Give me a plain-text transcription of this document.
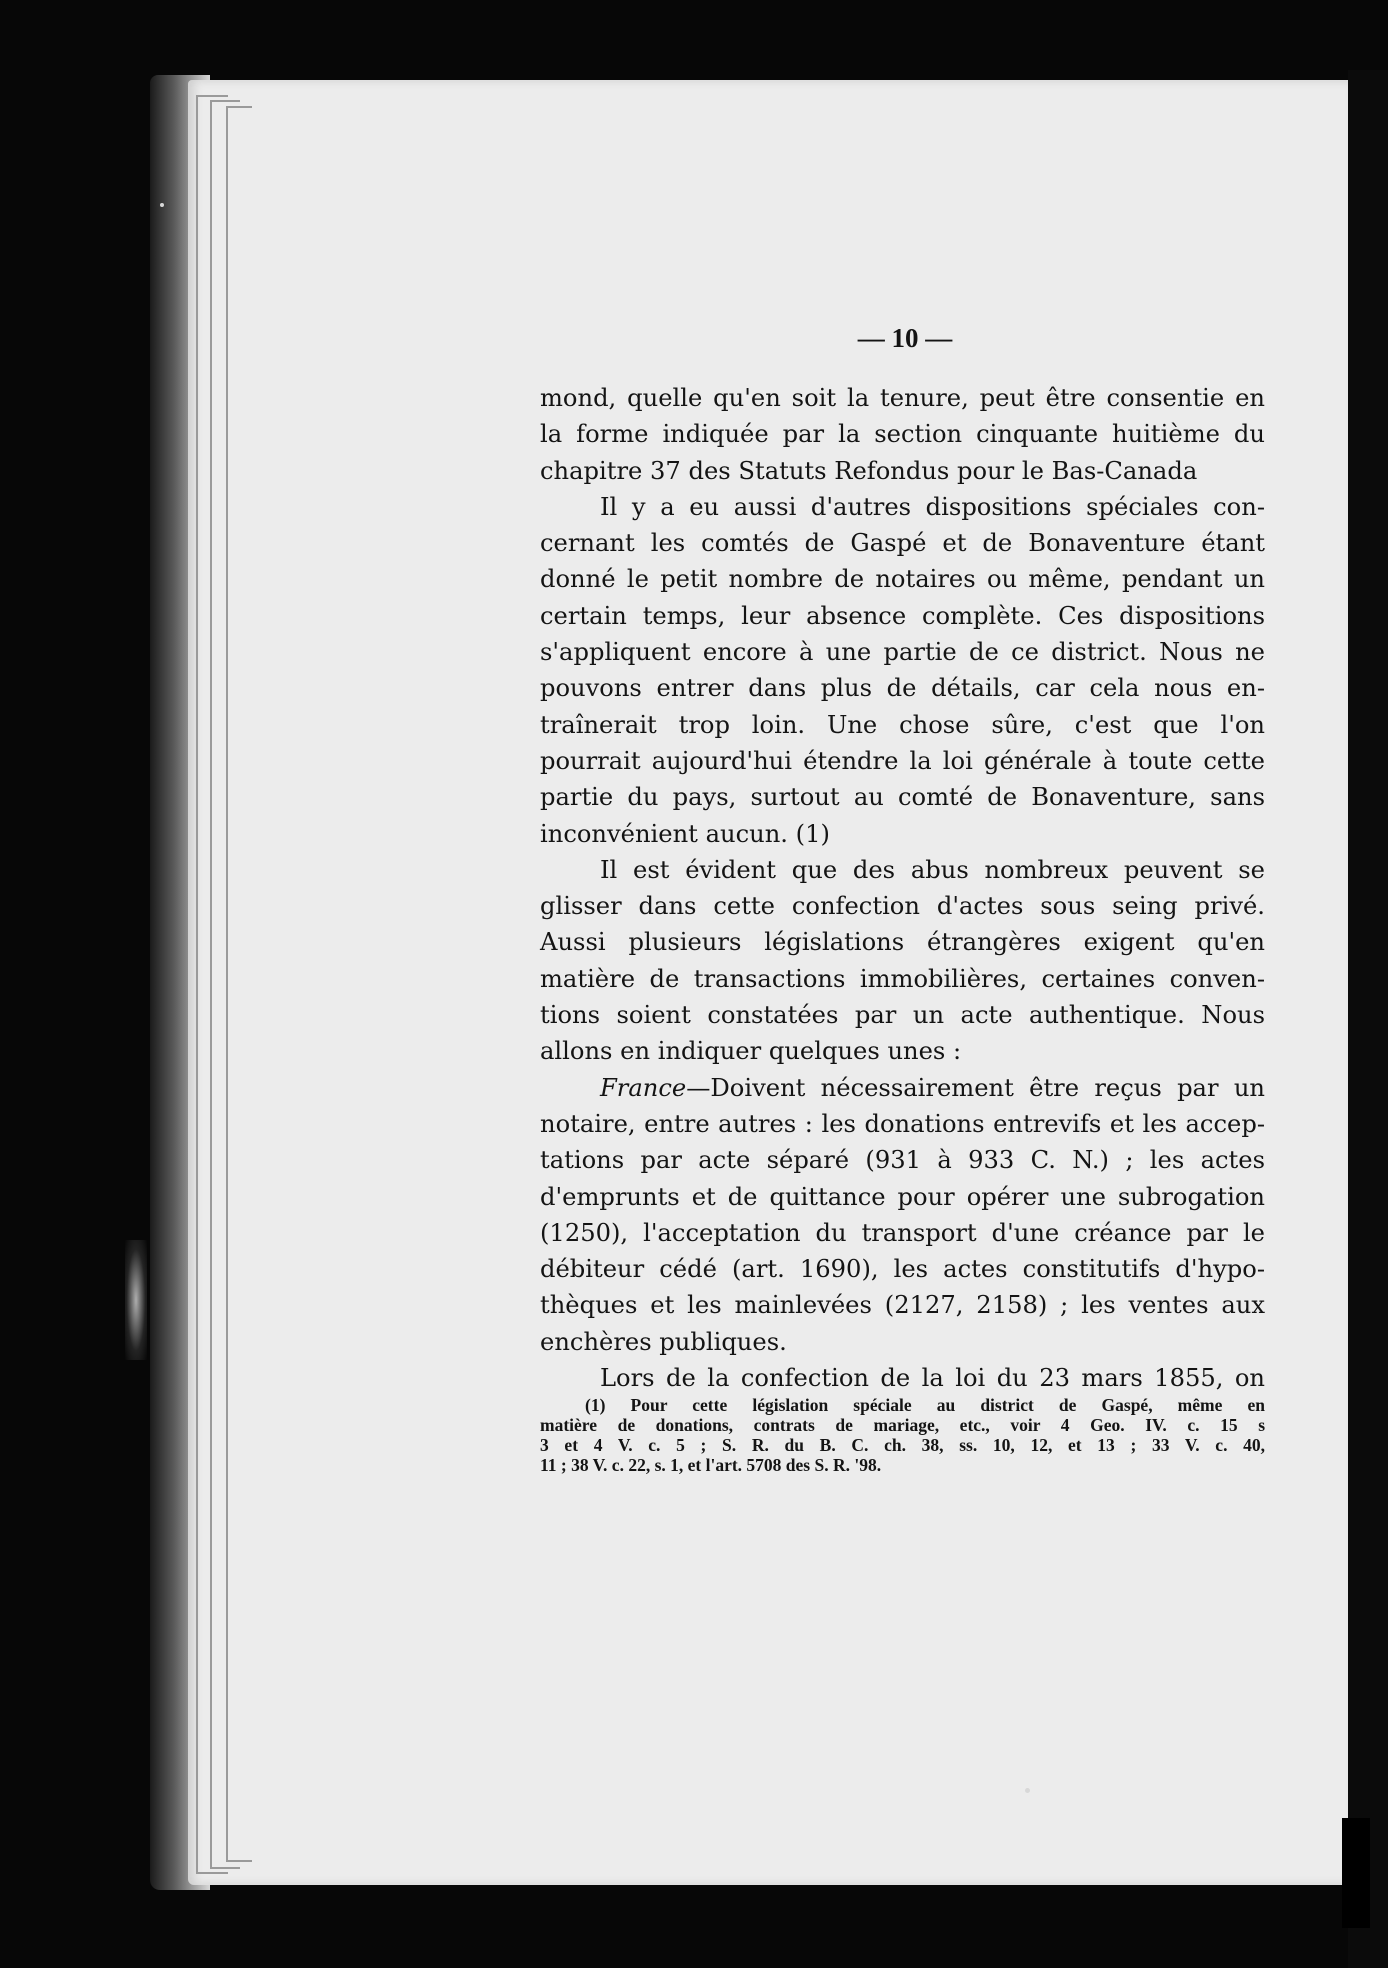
— 10 —

mond, quelle qu'en soit la tenure, peut être consentie en
la forme indiquée par la section cinquante huitième du
chapitre 37 des Statuts Refondus pour le Bas-Canada

Il y a eu aussi d'autres dispositions spéciales con-
cernant les comtés de Gaspé et de Bonaventure étant
donné le petit nombre de notaires ou même, pendant un
certain temps, leur absence complète. Ces dispositions
s'appliquent encore à une partie de ce district. Nous ne
pouvons entrer dans plus de détails, car cela nous en-
traînerait trop loin. Une chose sûre, c'est que l'on
pourrait aujourd'hui étendre la loi générale à toute cette
partie du pays, surtout au comté de Bonaventure, sans
inconvénient aucun. (1)

Il est évident que des abus nombreux peuvent se
glisser dans cette confection d'actes sous seing privé.
Aussi plusieurs législations étrangères exigent qu'en
matière de transactions immobilières, certaines conven-
tions soient constatées par un acte authentique. Nous
allons en indiquer quelques unes :

France—Doivent nécessairement être reçus par un
notaire, entre autres : les donations entrevifs et les accep-
tations par acte séparé (931 à 933 C. N.) ; les actes
d'emprunts et de quittance pour opérer une subrogation
(1250), l'acceptation du transport d'une créance par le
débiteur cédé (art. 1690), les actes constitutifs d'hypo-
thèques et les mainlevées (2127, 2158) ; les ventes aux
enchères publiques.

Lors de la confection de la loi du 23 mars 1855, on

(1) Pour cette législation spéciale au district de Gaspé, même en
matière de donations, contrats de mariage, etc., voir 4 Geo. IV. c. 15 s
3 et 4 V. c. 5 ; S. R. du B. C. ch. 38, ss. 10, 12, et 13 ; 33 V. c. 40,
11 ; 38 V. c. 22, s. 1, et l'art. 5708 des S. R. '98.
